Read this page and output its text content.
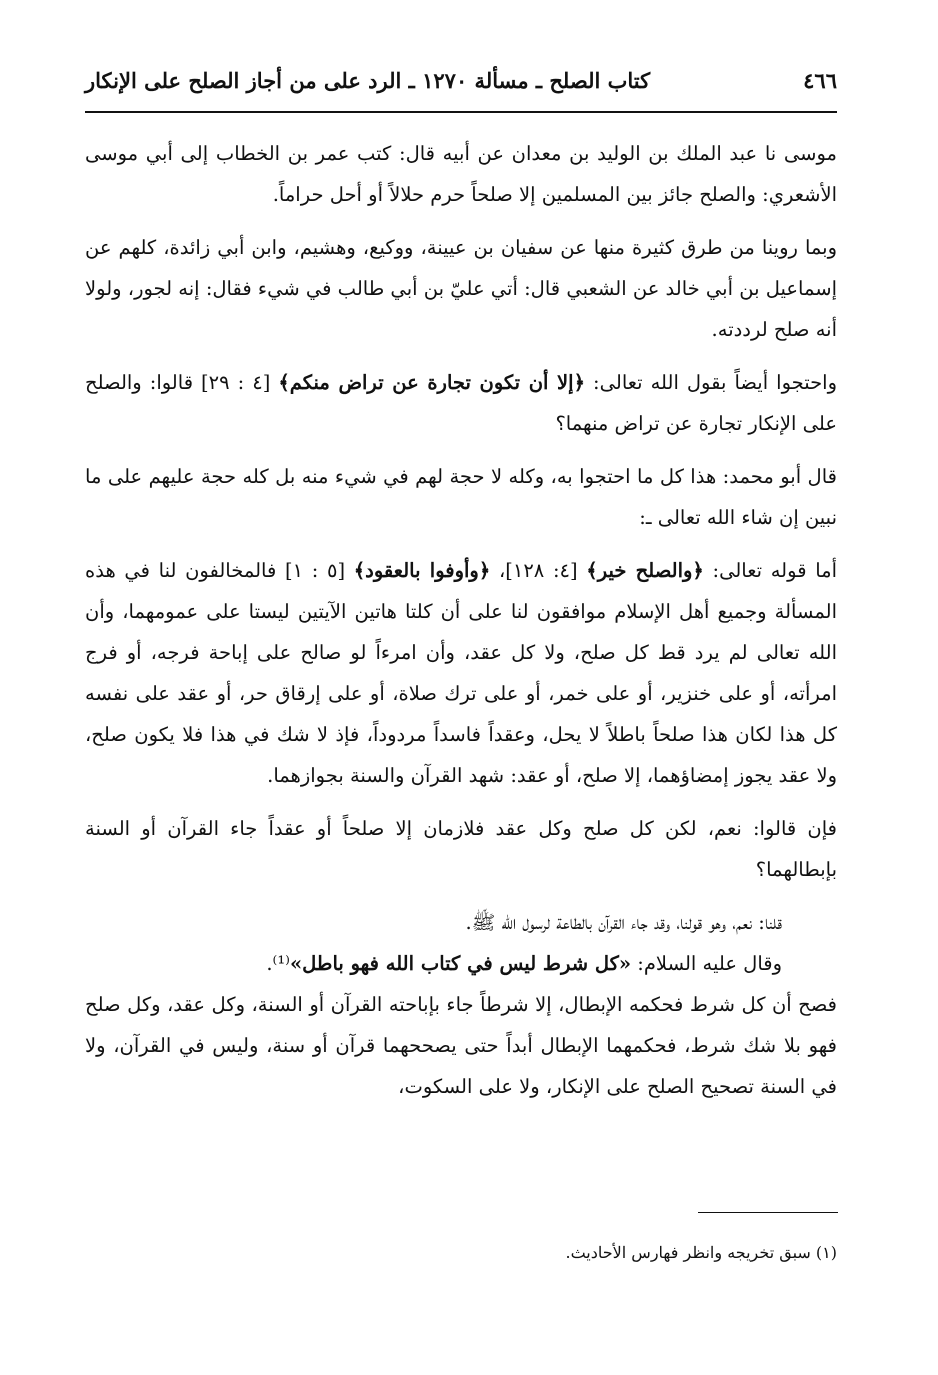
٤٦٦
كتاب الصلح ـ مسألة ١٢٧٠ ـ الرد على من أجاز الصلح على الإنكار

موسى نا عبد الملك بن الوليد بن معدان عن أبيه قال: كتب عمر بن الخطاب إلى أبي موسى الأشعري: والصلح جائز بين المسلمين إلا صلحاً حرم حلالاً أو أحل حراماً.

وبما روينا من طرق كثيرة منها عن سفيان بن عيينة، ووكيع، وهشيم، وابن أبي زائدة، كلهم عن إسماعيل بن أبي خالد عن الشعبي قال: أتي عليّ بن أبي طالب في شيء فقال: إنه لجور، ولولا أنه صلح لرددته.

واحتجوا أيضاً بقول الله تعالى: ﴿إلا أن تكون تجارة عن تراض منكم﴾ [٤ : ٢٩] قالوا: والصلح على الإنكار تجارة عن تراض منهما؟

قال أبو محمد: هذا كل ما احتجوا به، وكله لا حجة لهم في شيء منه بل كله حجة عليهم على ما نبين إن شاء الله تعالى ـ:

أما قوله تعالى: ﴿والصلح خير﴾ [٤: ١٢٨]، ﴿وأوفوا بالعقود﴾ [٥ : ١] فالمخالفون لنا في هذه المسألة وجميع أهل الإسلام موافقون لنا على أن كلتا هاتين الآيتين ليستا على عمومهما، وأن الله تعالى لم يرد قط كل صلح، ولا كل عقد، وأن امرءاً لو صالح على إباحة فرجه، أو فرج امرأته، أو على خنزير، أو على خمر، أو على ترك صلاة، أو على إرقاق حر، أو عقد على نفسه كل هذا لكان هذا صلحاً باطلاً لا يحل، وعقداً فاسداً مردوداً، فإذ لا شك في هذا فلا يكون صلح، ولا عقد يجوز إمضاؤهما، إلا صلح، أو عقد: شهد القرآن والسنة بجوازهما.

فإن قالوا: نعم، لكن كل صلح وكل عقد فلازمان إلا صلحاً أو عقداً جاء القرآن أو السنة بإبطالهما؟

قلنا: نعم، وهو قولنا، وقد جاء القرآن بالطاعة لرسول الله ﷺ.

وقال عليه السلام: «كل شرط ليس في كتاب الله فهو باطل»⁽¹⁾.

فصح أن كل شرط فحكمه الإبطال، إلا شرطاً جاء بإباحته القرآن أو السنة، وكل عقد، وكل صلح فهو بلا شك شرط، فحكمهما الإبطال أبداً حتى يصححهما قرآن أو سنة، وليس في القرآن، ولا في السنة تصحيح الصلح على الإنكار، ولا على السكوت،

(١) سبق تخريجه وانظر فهارس الأحاديث.
